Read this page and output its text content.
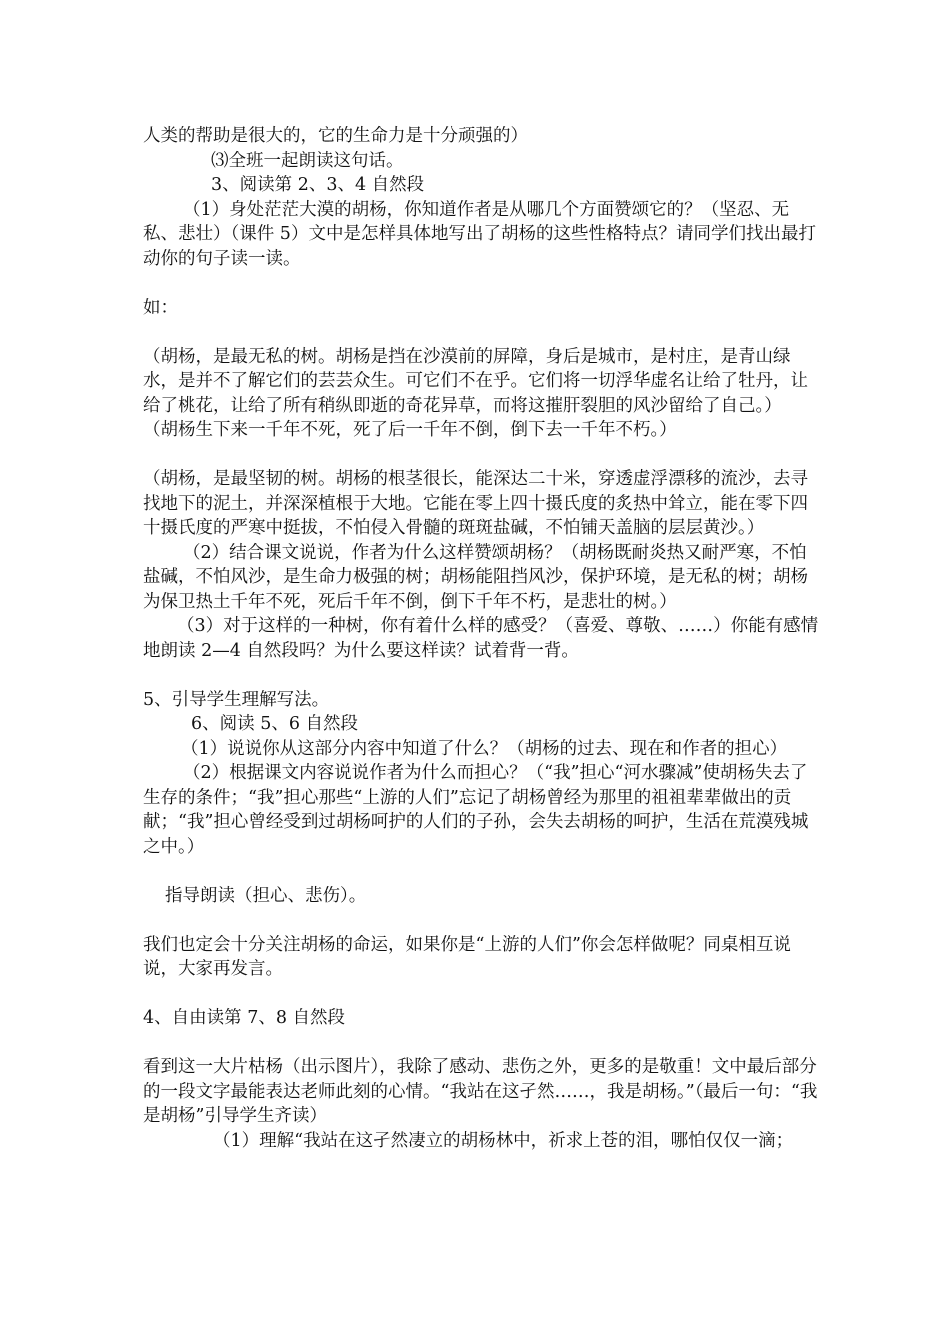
人类的帮助是很大的，它的生命力是十分顽强的）

⑶全班一起朗读这句话。

3、阅读第 2、3、4 自然段

（1）身处茫茫大漠的胡杨，你知道作者是从哪几个方面赞颂它的？（坚忍、无私、悲壮）（课件 5）文中是怎样具体地写出了胡杨的这些性格特点？请同学们找出最打动你的句子读一读。

如：

（胡杨，是最无私的树。胡杨是挡在沙漠前的屏障，身后是城市，是村庄，是青山绿水，是并不了解它们的芸芸众生。可它们不在乎。它们将一切浮华虚名让给了牡丹，让给了桃花，让给了所有稍纵即逝的奇花异草，而将这摧肝裂胆的风沙留给了自己。）                （胡杨生下来一千年不死，死了后一千年不倒，倒下去一千年不朽。）

（胡杨，是最坚韧的树。胡杨的根茎很长，能深达二十米，穿透虚浮漂移的流沙，去寻找地下的泥土，并深深植根于大地。它能在零上四十摄氏度的炙热中耸立，能在零下四十摄氏度的严寒中挺拔，不怕侵入骨髓的斑斑盐碱，不怕铺天盖脑的层层黄沙。）

（2）结合课文说说，作者为什么这样赞颂胡杨？（胡杨既耐炎热又耐严寒，不怕盐碱，不怕风沙，是生命力极强的树；胡杨能阻挡风沙，保护环境，是无私的树；胡杨为保卫热土千年不死，死后千年不倒，倒下千年不朽，是悲壮的树。）

（3）对于这样的一种树，你有着什么样的感受？（喜爱、尊敬、……）你能有感情地朗读 2—4 自然段吗？为什么要这样读？试着背一背。

5、引导学生理解写法。

6、阅读 5、6 自然段

（1）说说你从这部分内容中知道了什么？（胡杨的过去、现在和作者的担心）

（2）根据课文内容说说作者为什么而担心？（“我”担心“河水骤减”使胡杨失去了生存的条件；“我”担心那些“上游的人们”忘记了胡杨曾经为那里的祖祖辈辈做出的贡献；“我”担心曾经受到过胡杨呵护的人们的子孙，会失去胡杨的呵护，生活在荒漠残城之中。）

指导朗读（担心、悲伤）。

我们也定会十分关注胡杨的命运，如果你是“上游的人们”你会怎样做呢？同桌相互说说，大家再发言。

4、自由读第 7、8 自然段

看到这一大片枯杨（出示图片），我除了感动、悲伤之外，更多的是敬重！文中最后部分的一段文字最能表达老师此刻的心情。“我站在这孑然……，我是胡杨。”（最后一句：“我是胡杨”引导学生齐读）

（1）理解“我站在这孑然凄立的胡杨林中，祈求上苍的泪，哪怕仅仅一滴；
